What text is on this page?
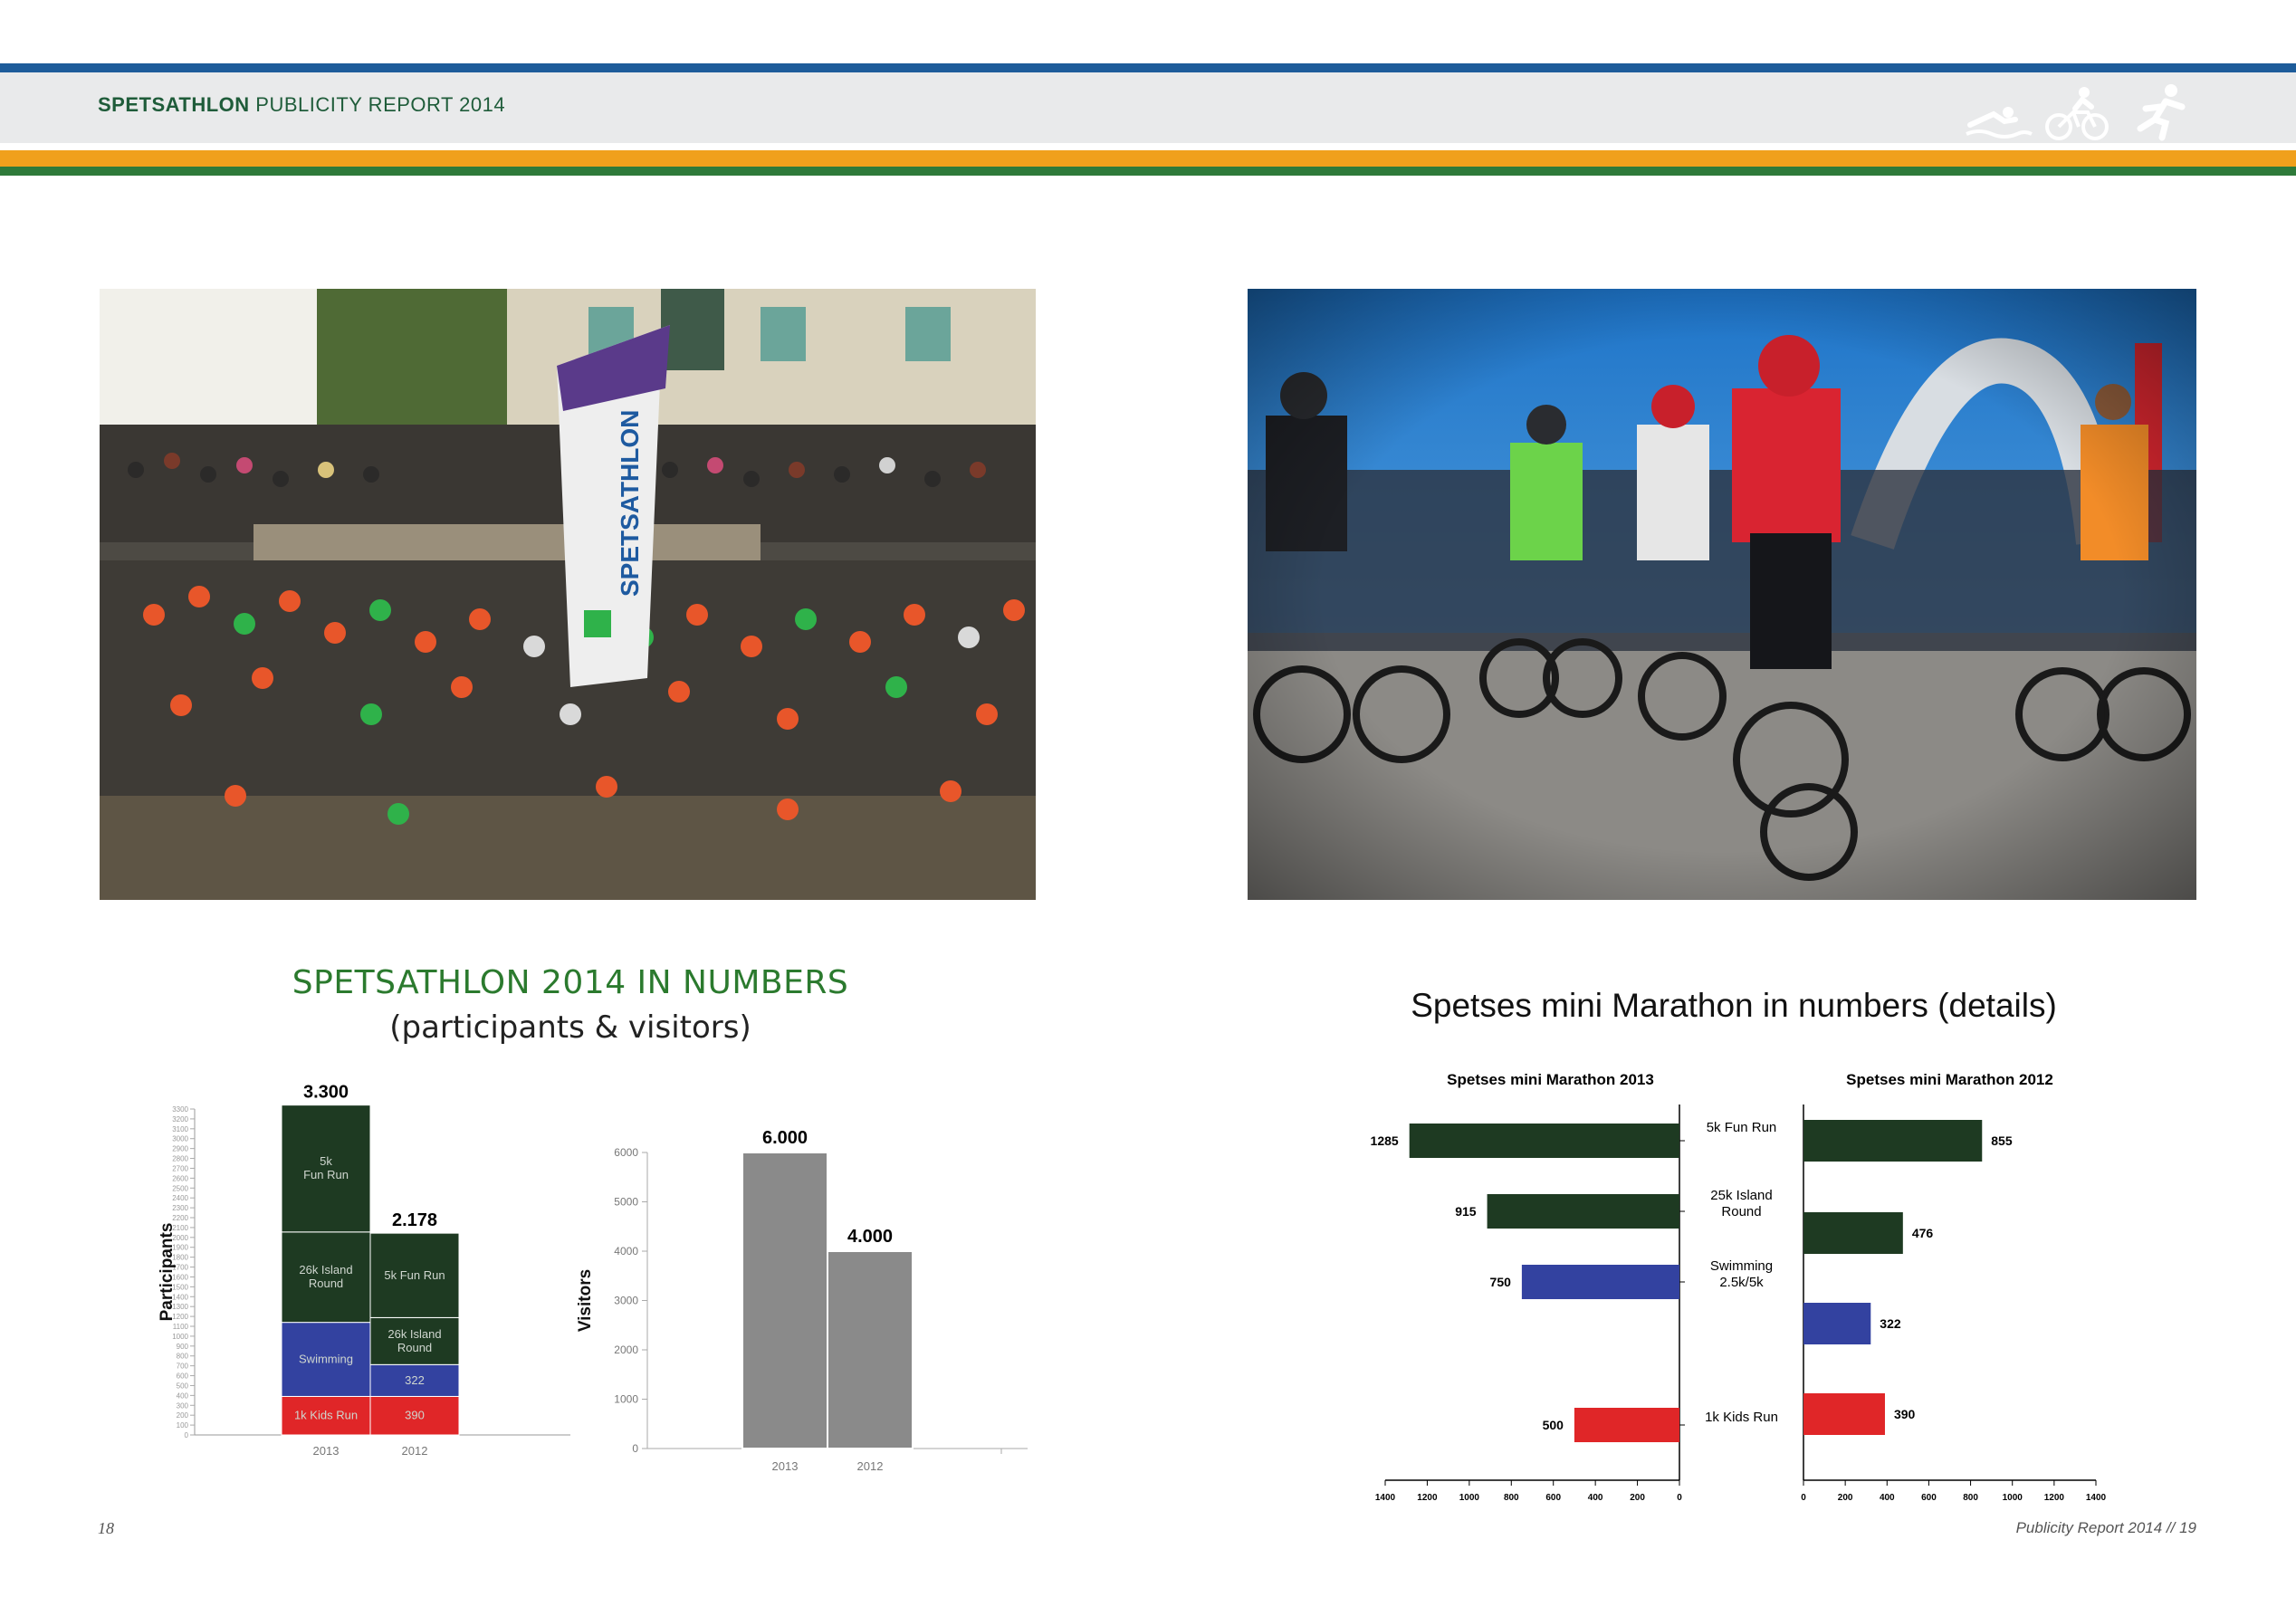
SPETSATHLON PUBLICITY REPORT 2014
SPETSATHLON
SPETSATHLON 2014 IN NUMBERS
(participants & visitors)
0
100
200
300
400
500
600
700
800
900
1000
1100
1200
1300
1400
1500
1600
1700
1800
1900
2000
2100
2200
2300
2400
2500
2600
2700
2800
2900
3000
3100
3200
3300
Participants
1k Kids Run
Swimming
26k Island Round
5k Fun Run
3.300
2013
390
322
26k Island Round
5k Fun Run
2.178
2012	0
1000
2000
3000
4000
5000
6000
Visitors
6.000
2013
4.000
2012
Spetses mini Marathon in numbers (details)
Spetses mini Marathon 2013	Spetses mini Marathon 2012
1400 1200 1000	800	600	400	200	0	0	200	400	600	800	1000 1200 1400
1285
5k Fun Run
915
25k Island Round
750
Swimming 2.5k/5k
500	1k Kids Run
855
476
322
390
18	Publicity Report 2014 // 19
